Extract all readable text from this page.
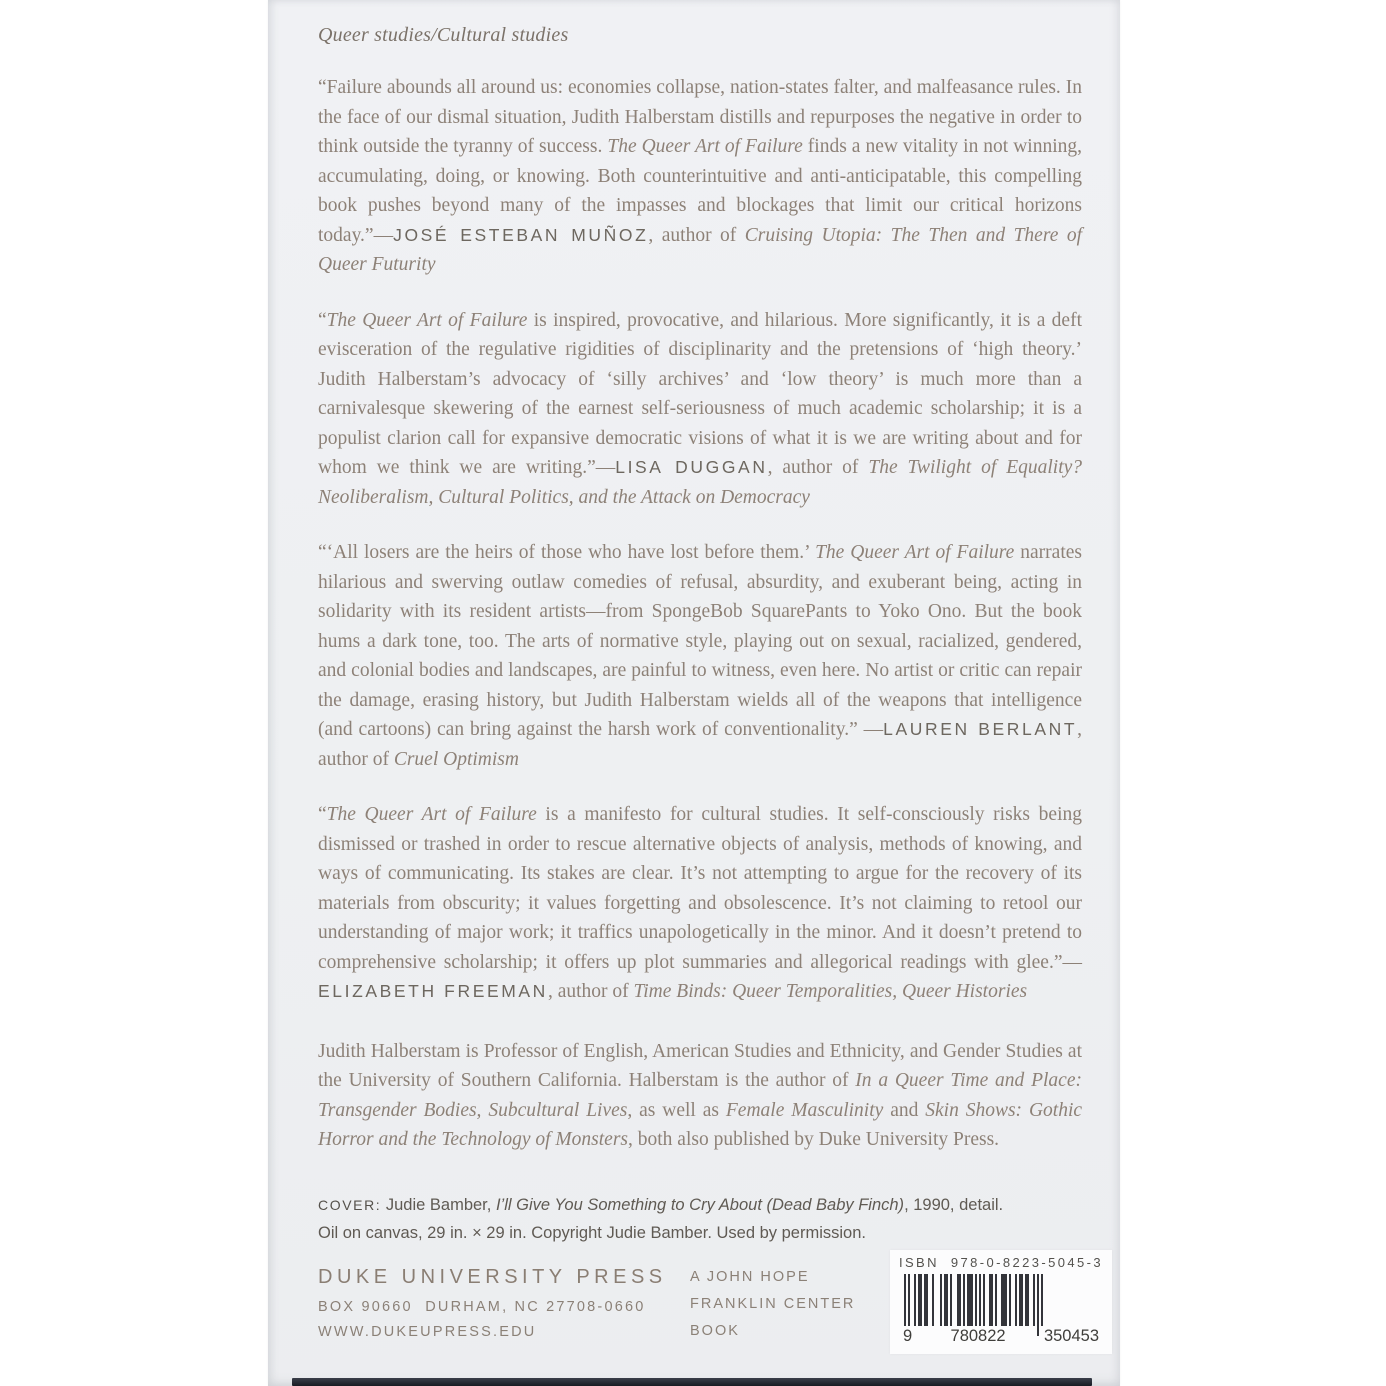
Queer studies/Cultural studies

“Failure abounds all around us: economies collapse, nation-states falter, and malfeasance rules. In the face of our dismal situation, Judith Halberstam distills and repurposes the negative in order to think outside the tyranny of success. The Queer Art of Failure finds a new vitality in not winning, accumulating, doing, or knowing. Both counterintuitive and anti-anticipatable, this compelling book pushes beyond many of the impasses and blockages that limit our critical horizons today.”—JOSÉ ESTEBAN MUÑOZ, author of Cruising Utopia: The Then and There of Queer Futurity

“The Queer Art of Failure is inspired, provocative, and hilarious. More significantly, it is a deft evisceration of the regulative rigidities of disciplinarity and the pretensions of ‘high theory.’ Judith Halberstam’s advocacy of ‘silly archives’ and ‘low theory’ is much more than a carnivalesque skewering of the earnest self-seriousness of much academic scholarship; it is a populist clarion call for expansive democratic visions of what it is we are writing about and for whom we think we are writing.”—LISA DUGGAN, author of The Twilight of Equality? Neoliberalism, Cultural Politics, and the Attack on Democracy

“‘All losers are the heirs of those who have lost before them.’ The Queer Art of Failure narrates hilarious and swerving outlaw comedies of refusal, absurdity, and exuberant being, acting in solidarity with its resident artists—from SpongeBob SquarePants to Yoko Ono. But the book hums a dark tone, too. The arts of normative style, playing out on sexual, racialized, gendered, and colonial bodies and landscapes, are painful to witness, even here. No artist or critic can repair the damage, erasing history, but Judith Halberstam wields all of the weapons that intelligence (and cartoons) can bring against the harsh work of conventionality.” —LAUREN BERLANT, author of Cruel Optimism

“The Queer Art of Failure is a manifesto for cultural studies. It self-consciously risks being dismissed or trashed in order to rescue alternative objects of analysis, methods of knowing, and ways of communicating. Its stakes are clear. It’s not attempting to argue for the recovery of its materials from obscurity; it values forgetting and obsolescence. It’s not claiming to retool our understanding of major work; it traffics unapologetically in the minor. And it doesn’t pretend to comprehensive scholarship; it offers up plot summaries and allegorical readings with glee.”—ELIZABETH FREEMAN, author of Time Binds: Queer Temporalities, Queer Histories

Judith Halberstam is Professor of English, American Studies and Ethnicity, and Gender Studies at the University of Southern California. Halberstam is the author of In a Queer Time and Place: Transgender Bodies, Subcultural Lives, as well as Female Masculinity and Skin Shows: Gothic Horror and the Technology of Monsters, both also published by Duke University Press.

COVER: Judie Bamber, I’ll Give You Something to Cry About (Dead Baby Finch), 1990, detail.
Oil on canvas, 29 in. × 29 in. Copyright Judie Bamber. Used by permission.
DUKE UNIVERSITY PRESS
BOX 90660  DURHAM, NC 27708-0660
WWW.DUKEUPRESS.EDU
A JOHN HOPE
FRANKLIN CENTER
BOOK
ISBN  978-0-8223-5045-3
9 780822 350453
